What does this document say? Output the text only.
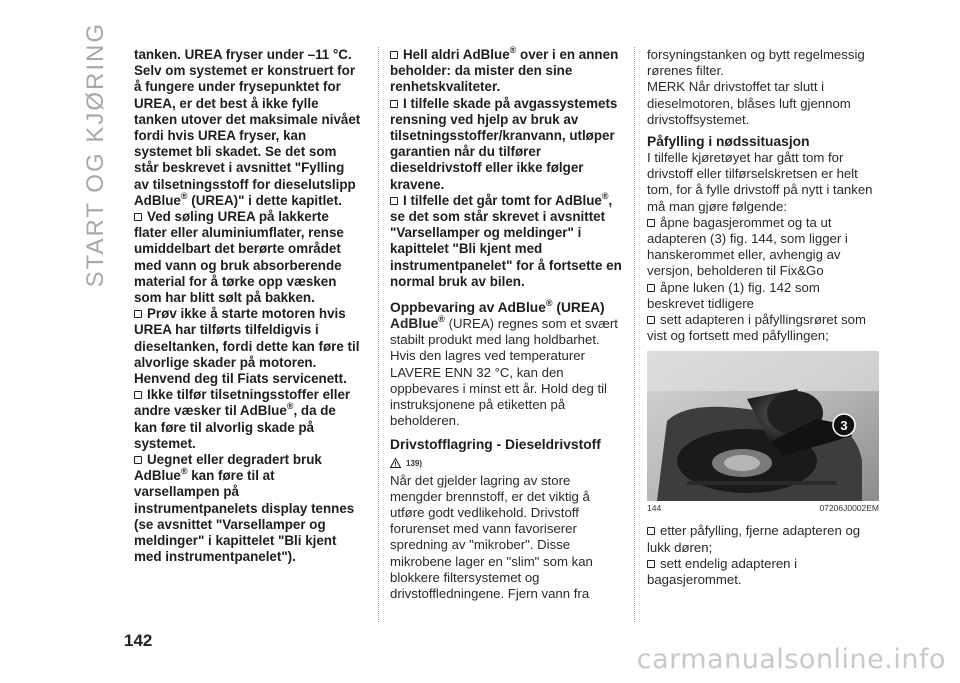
START OG KJØRING tanken. UREA fryser under –11 °C. Selv om systemet er konstruert for å fungere under frysepunktet for UREA, er det best å ikke fylle tanken utover det maksimale nivået fordi hvis UREA fryser, kan systemet bli skadet. Se det som står beskrevet i avsnittet "Fylling av tilsetningsstoff for dieselutslipp AdBlue® (UREA)" i dette kapitlet.

Ved søling UREA på lakkerte flater eller aluminiumflater, rense umiddelbart det berørte området med vann og bruk absorberende material for å tørke opp væsken som har blitt sølt på bakken.

Prøv ikke å starte motoren hvis UREA har tilførts tilfeldigvis i dieseltanken, fordi dette kan føre til alvorlige skader på motoren. Henvend deg til Fiats servicenett.

Ikke tilfør tilsetningsstoffer eller andre væsker til AdBlue®, da de kan føre til alvorlig skade på systemet.

Uegnet eller degradert bruk AdBlue® kan føre til at varsellampen på instrumentpanelets display tennes (se avsnittet "Varsellamper og meldinger" i kapittelet "Bli kjent med instrumentpanelet").

Hell aldri AdBlue® over i en annen beholder: da mister den sine renhetskvaliteter.

I tilfelle skade på avgassystemets rensning ved hjelp av bruk av tilsetningsstoffer/kranvann, utløper garantien når du tilfører dieseldrivstoff eller ikke følger kravene.

I tilfelle det går tomt for AdBlue®, se det som står skrevet i avsnittet "Varsellamper og meldinger" i kapittelet "Bli kjent med instrumentpanelet" for å fortsette en normal bruk av bilen.

Oppbevaring av AdBlue® (UREA)

AdBlue® (UREA) regnes som et svært stabilt produkt med lang holdbarhet. Hvis den lagres ved temperaturer LAVERE ENN 32 °C, kan den oppbevares i minst ett år. Hold deg til instruksjonene på etiketten på beholderen.

Drivstofflagring - Dieseldrivstoff

139)

Når det gjelder lagring av store mengder brennstoff, er det viktig å utføre godt vedlikehold. Drivstoff forurenset med vann favoriserer spredning av "mikrober". Disse mikrobene lager en "slim" som kan blokkere filtersystemet og drivstoffledningene. Fjern vann fra

forsyningstanken og bytt regelmessig rørenes filter.

MERK Når drivstoffet tar slutt i dieselmotoren, blåses luft gjennom drivstoffsystemet.

Påfylling i nødssituasjon

I tilfelle kjøretøyet har gått tom for drivstoff eller tilførselskretsen er helt tom, for å fylle drivstoff på nytt i tanken må man gjøre følgende:

åpne bagasjerommet og ta ut adapteren (3) fig. 144, som ligger i hanskerommet eller, avhengig av versjon, beholderen til Fix&Go

åpne luken (1) fig. 142 som beskrevet tidligere

sett adapteren i påfyllingsrøret som vist og fortsett med påfyllingen;

3
144	07206J0002EM

etter påfylling, fjerne adapteren og lukk døren;

sett endelig adapteren i bagasjerommet.

142
carmanualsonline.info
